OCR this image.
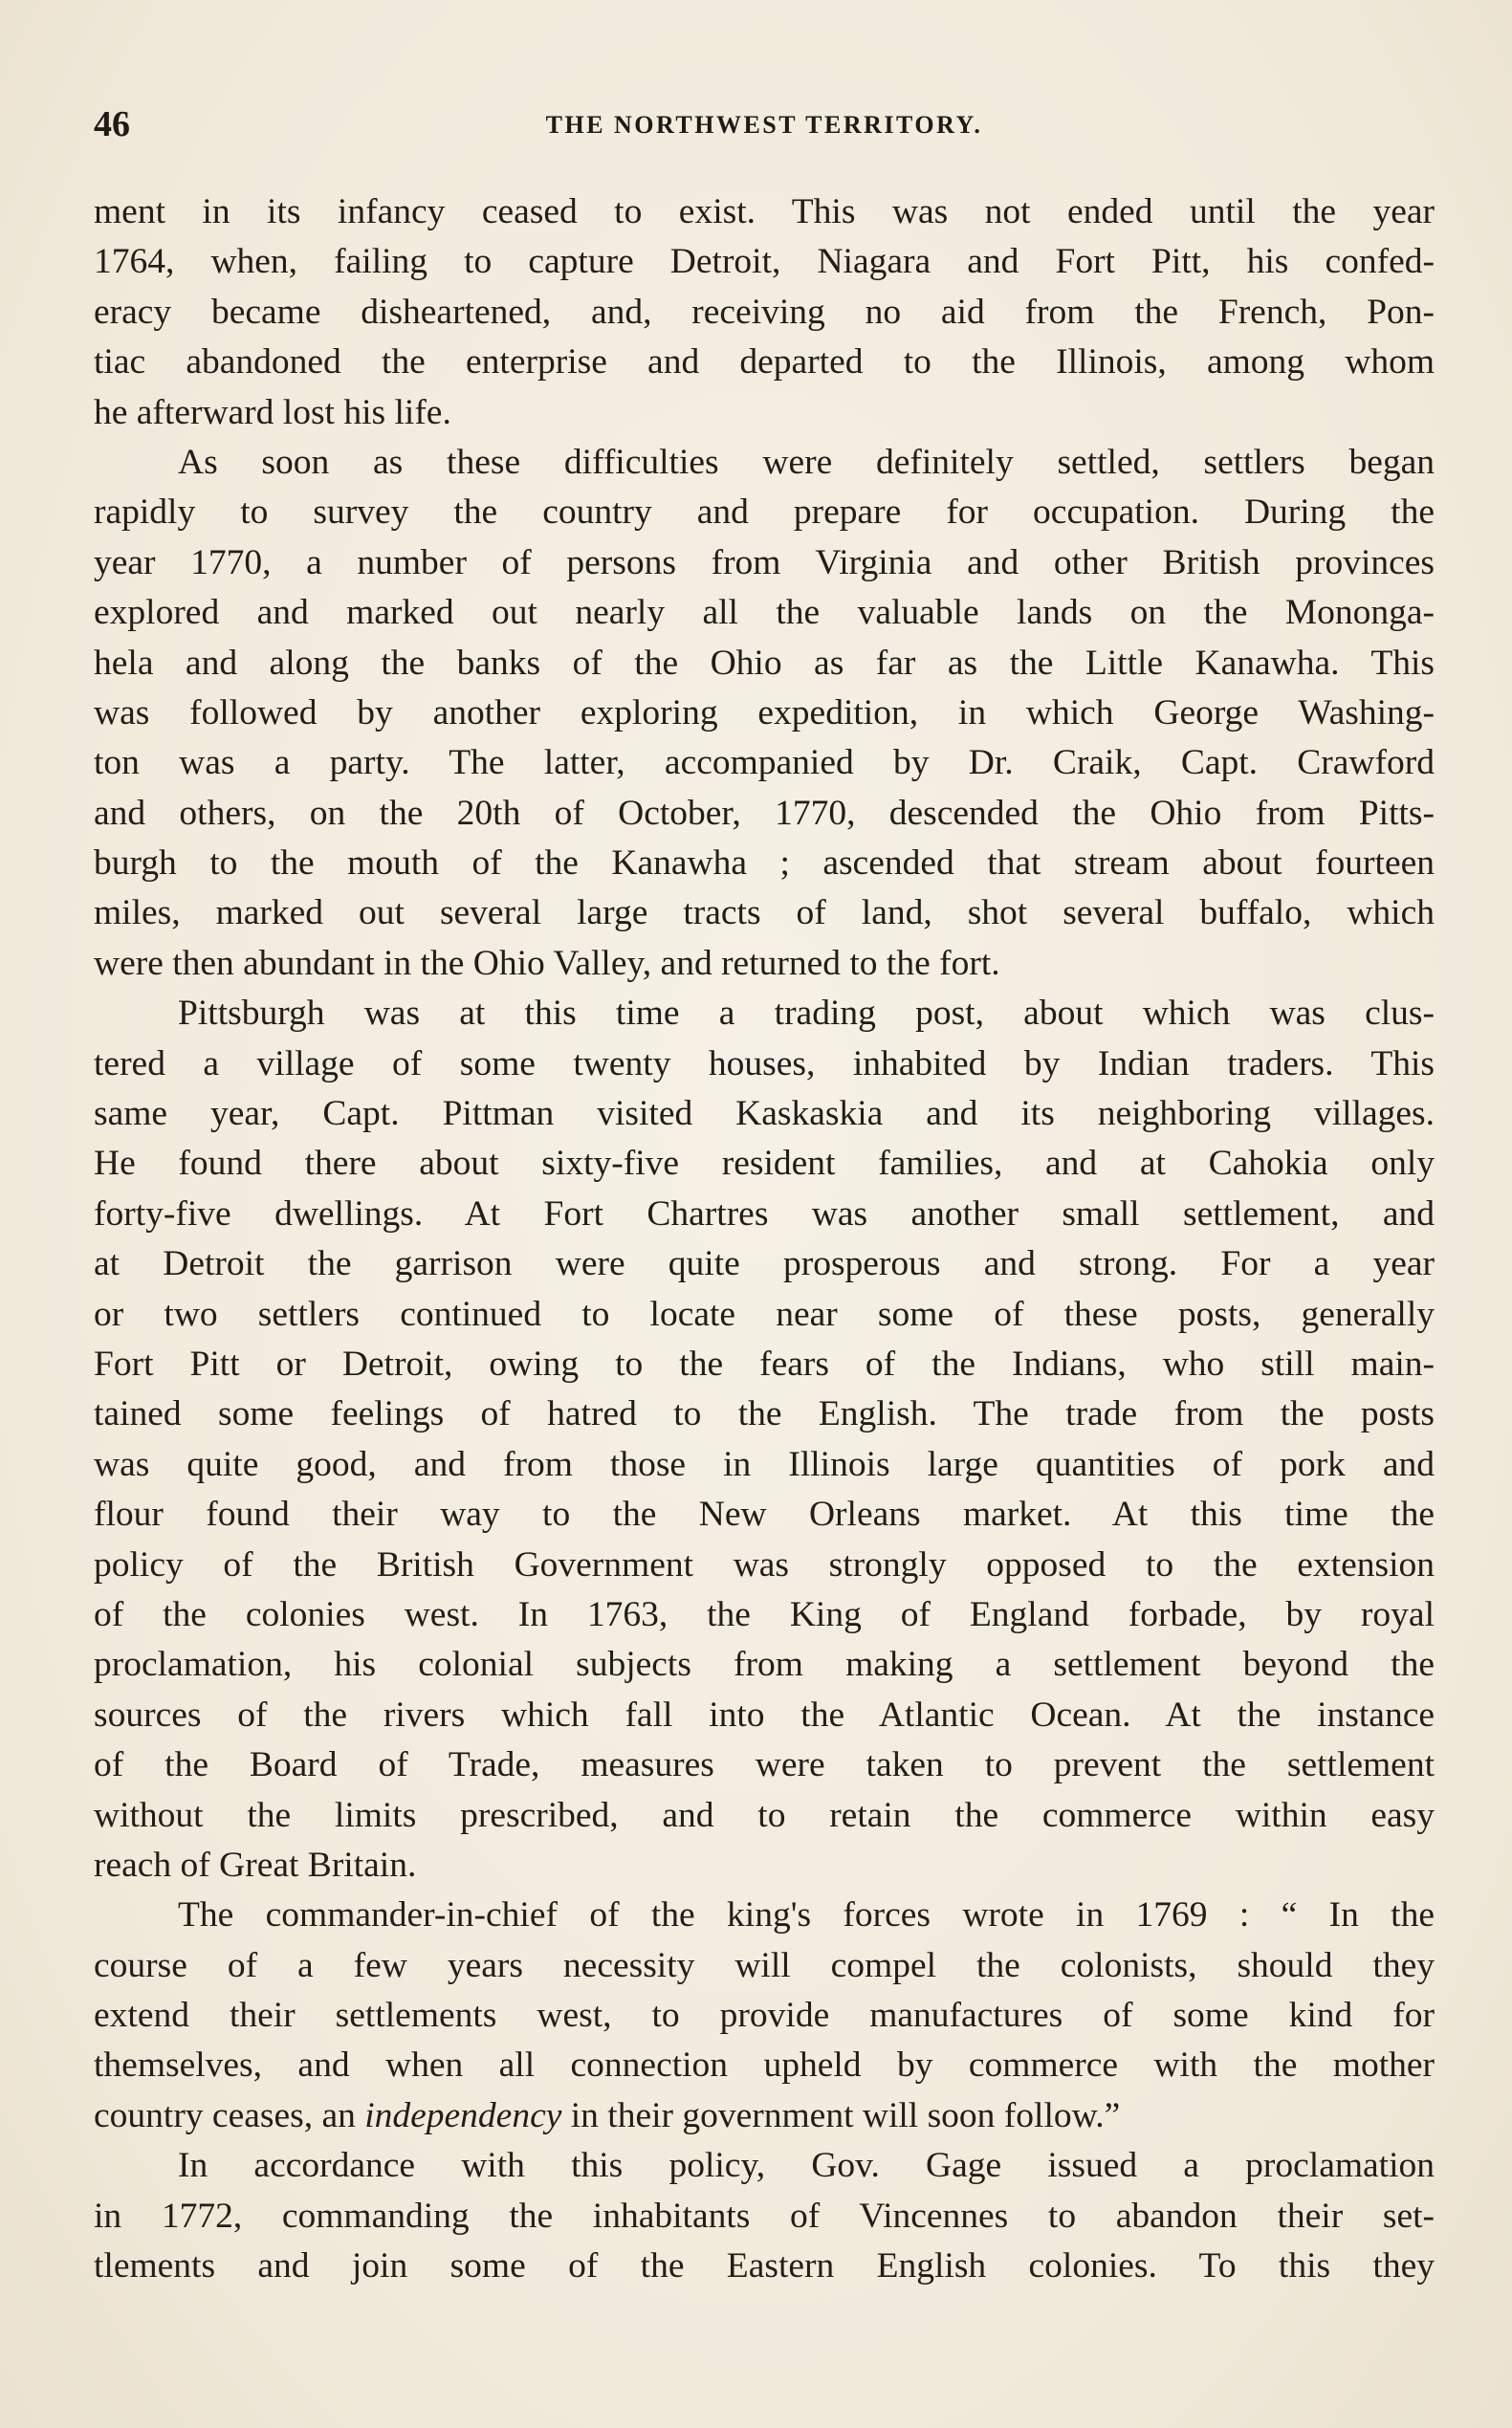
46	THE NORTHWEST TERRITORY.

ment in its infancy ceased to exist. This was not ended until the year
1764, when, failing to capture Detroit, Niagara and Fort Pitt, his confed-
eracy became disheartened, and, receiving no aid from the French, Pon-
tiac abandoned the enterprise and departed to the Illinois, among whom
he afterward lost his life.

As soon as these difficulties were definitely settled, settlers began
rapidly to survey the country and prepare for occupation. During the
year 1770, a number of persons from Virginia and other British provinces
explored and marked out nearly all the valuable lands on the Mononga-
hela and along the banks of the Ohio as far as the Little Kanawha. This
was followed by another exploring expedition, in which George Washing-
ton was a party. The latter, accompanied by Dr. Craik, Capt. Crawford
and others, on the 20th of October, 1770, descended the Ohio from Pitts-
burgh to the mouth of the Kanawha ; ascended that stream about fourteen
miles, marked out several large tracts of land, shot several buffalo, which
were then abundant in the Ohio Valley, and returned to the fort.

Pittsburgh was at this time a trading post, about which was clus-
tered a village of some twenty houses, inhabited by Indian traders. This
same year, Capt. Pittman visited Kaskaskia and its neighboring villages.
He found there about sixty-five resident families, and at Cahokia only
forty-five dwellings. At Fort Chartres was another small settlement, and
at Detroit the garrison were quite prosperous and strong. For a year
or two settlers continued to locate near some of these posts, generally
Fort Pitt or Detroit, owing to the fears of the Indians, who still main-
tained some feelings of hatred to the English. The trade from the posts
was quite good, and from those in Illinois large quantities of pork and
flour found their way to the New Orleans market. At this time the
policy of the British Government was strongly opposed to the extension
of the colonies west. In 1763, the King of England forbade, by royal
proclamation, his colonial subjects from making a settlement beyond the
sources of the rivers which fall into the Atlantic Ocean. At the instance
of the Board of Trade, measures were taken to prevent the settlement
without the limits prescribed, and to retain the commerce within easy
reach of Great Britain.

The commander-in-chief of the king's forces wrote in 1769 : “ In the
course of a few years necessity will compel the colonists, should they
extend their settlements west, to provide manufactures of some kind for
themselves, and when all connection upheld by commerce with the mother
country ceases, an independency in their government will soon follow.”

In accordance with this policy, Gov. Gage issued a proclamation
in 1772, commanding the inhabitants of Vincennes to abandon their set-
tlements and join some of the Eastern English colonies. To this they
